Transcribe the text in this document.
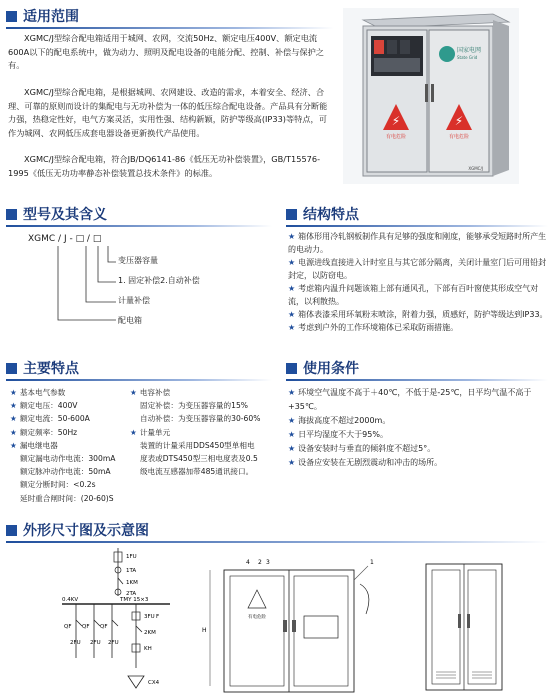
适用范围

XGMC/J型综合配电箱适用于城网、农网，交流50Hz、额定电压400V、额定电流600A以下的配电系统中，做为动力、照明及配电设备的电能分配、控制、补偿与保护之有。

XGMC/J型综合配电箱，是根据城网、农网建设、改造的需求，本着安全、经济、合理、可靠的原则而设计的集配电与无功补偿为一体的低压综合配电设备。产品具有分断能力强，热稳定性好，电气方案灵活，实用性强、结构新颖，防护等级高(IP33)等特点，可作为城网、农网低压成套电器设备更新换代产品使用。

XGMC/J型综合配电箱，符合JB/DQ6141-86《低压无功补偿装置》，GB/T15576-1995《低压无功功率静态补偿装置总技术条件》的标准。

国家电网
State Grid
⚡
有电危险
⚡
有电危险
XGMC/J
型号及其含义
XGMC / J - □ / □
变压器容量
1. 固定补偿2.自动补偿
计量补偿
配电箱
结构特点
★ 箱体形用冷轧钢板制作具有足够的强度和刚度，能够承受短路时所产生的电动力。
★ 电源进线直接进入计时室且与其它部分隔离，关闭计量室门后可用铅封封定，以防窃电。
★ 考虑箱内温升问题该箱上部有通风孔，下部有百叶窗使其形成空气对流，以利散热。
★ 箱体表漆采用环氧粉末喷涂，附着力强，质感好，防护等级达到IP33。
★ 考虑到户外的工作环境箱体已采取防雨措施。
主要特点
★ 基本电气参数
★ 额定电压：400V
★ 额定电流：50-600A
★ 额定频率：50Hz
★ 漏电继电器
额定漏电动作电流：300mA
额定脉冲动作电流：50mA
额定分断时间：<0.2s
延时重合闸时间：(20-60)S
★ 电容补偿
固定补偿：为变压器容量的15%
自动补偿：为变压器容量的30-60%
★ 计量单元
装置的计量采用DDS450型单相电
度表或DTS450型三相电度表及0.5
级电流互感器加带485通讯接口。
使用条件
★ 环境空气温度不高于＋40℃，不低于是-25℃，日平均气温不高于+35℃。
★ 海拔高度不超过2000m。
★ 日平均湿度不大于95%。
★ 设备安装时与垂直的倾斜度不超过5°。
★ 设备应安装在无剧烈震动和冲击的场所。
外形尺寸图及示意图
1FU
1TA
1KM
2TA
0.4KV	TMY 15×3
QF QF QF
2FU 2FU 2FU
3FU F
2KM
KH
CX4
H
有电危险
4 2 3	1
